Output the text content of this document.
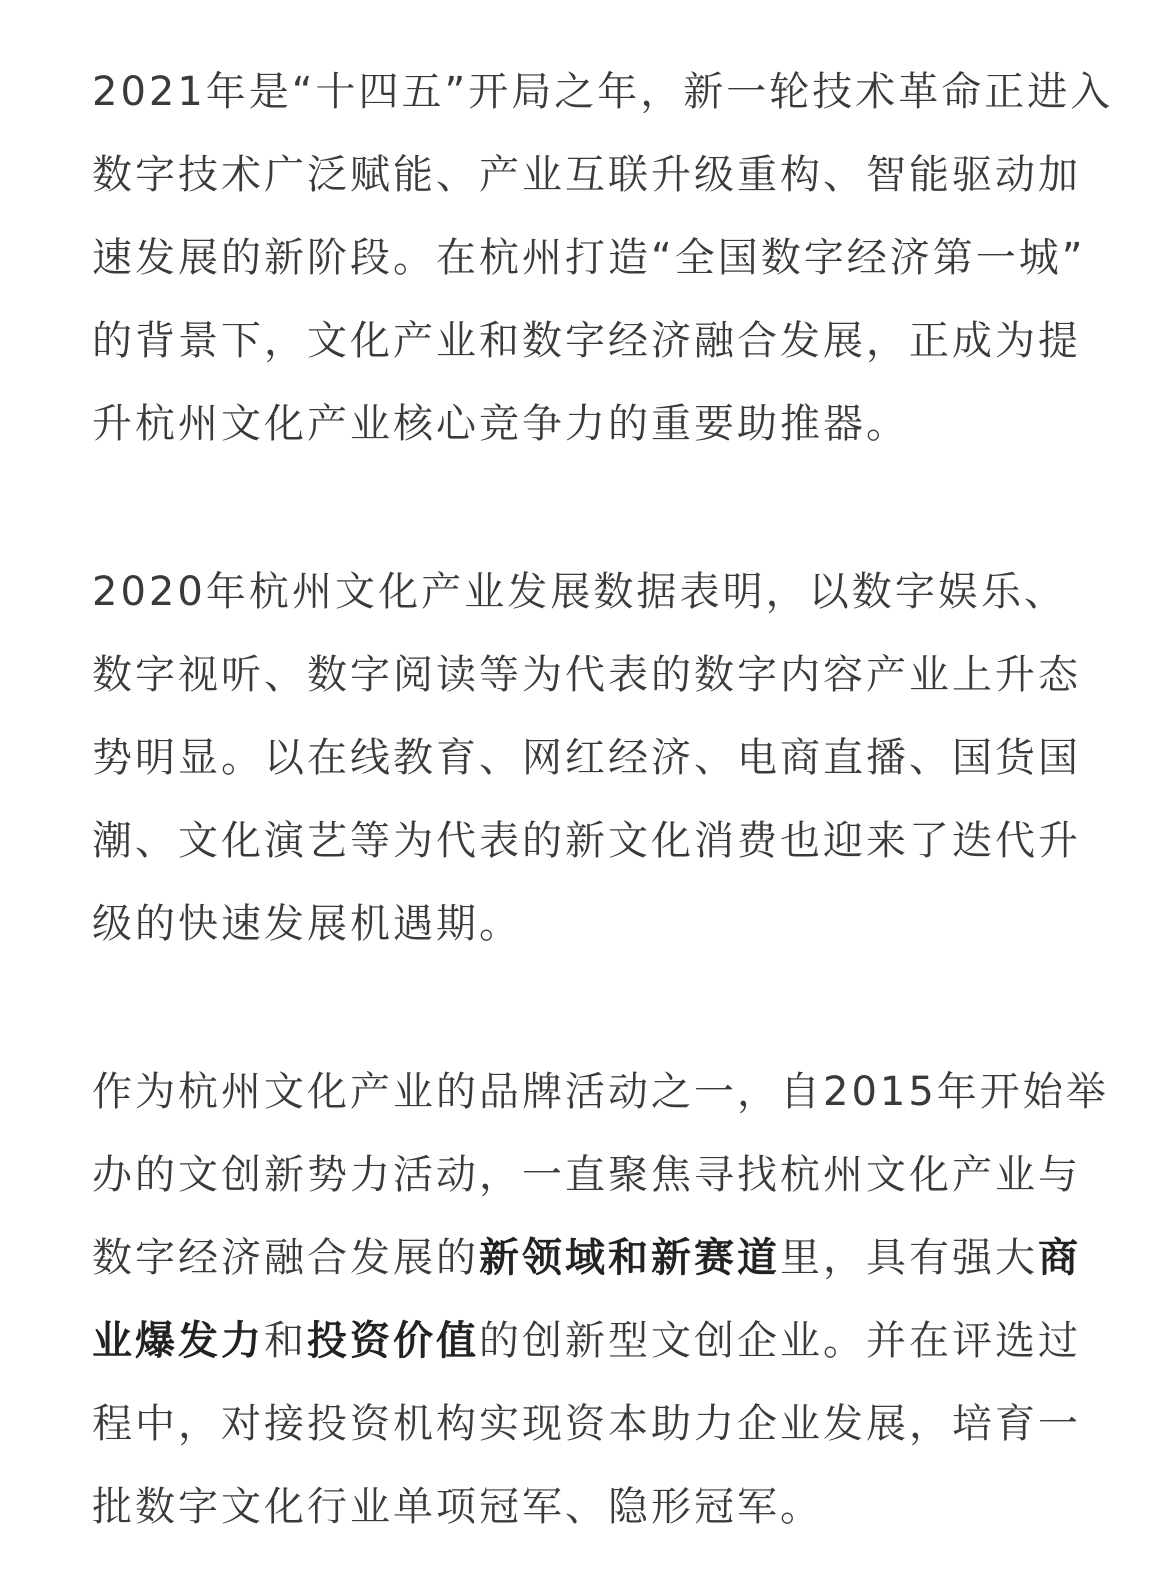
2021年是“十四五”开局之年，新一轮技术革命正进入
数字技术广泛赋能、产业互联升级重构、智能驱动加
速发展的新阶段。在杭州打造“全国数字经济第一城”
的背景下，文化产业和数字经济融合发展，正成为提
升杭州文化产业核心竞争力的重要助推器。

2020年杭州文化产业发展数据表明，以数字娱乐、
数字视听、数字阅读等为代表的数字内容产业上升态
势明显。以在线教育、网红经济、电商直播、国货国
潮、文化演艺等为代表的新文化消费也迎来了迭代升
级的快速发展机遇期。

作为杭州文化产业的品牌活动之一，自2015年开始举
办的文创新势力活动，一直聚焦寻找杭州文化产业与
数字经济融合发展的新领域和新赛道里，具有强大商
业爆发力和投资价值的创新型文创企业。并在评选过
程中，对接投资机构实现资本助力企业发展，培育一
批数字文化行业单项冠军、隐形冠军。
